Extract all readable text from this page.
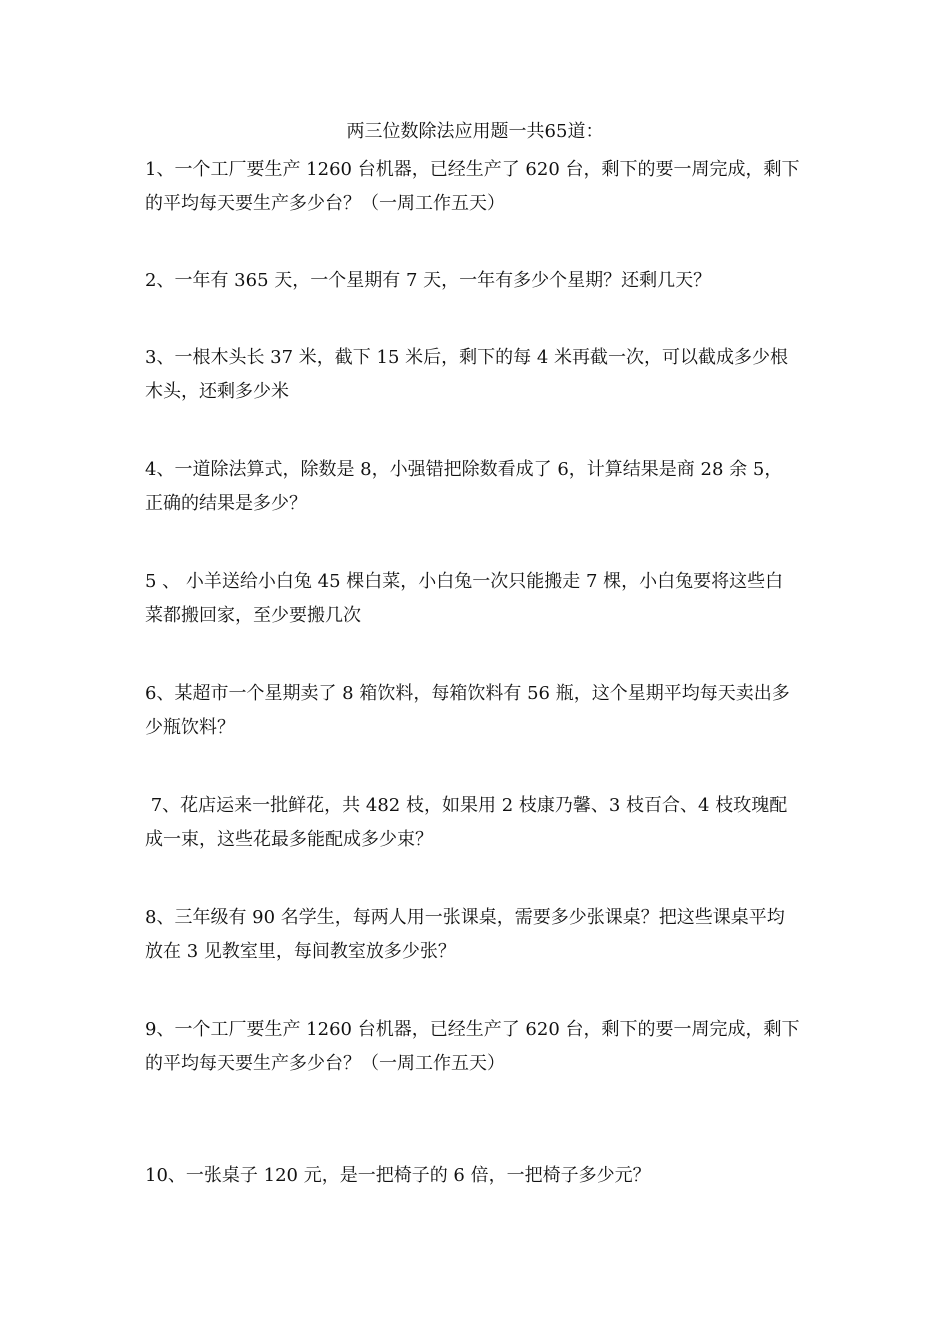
两三位数除法应用题一共65道：

1、一个工厂要生产 1260 台机器，已经生产了 620 台，剩下的要一周完成，剩下
的平均每天要生产多少台？（一周工作五天）

2、一年有 365 天，一个星期有 7 天，一年有多少个星期？还剩几天？

3、一根木头长 37 米，截下 15 米后，剩下的每 4 米再截一次，可以截成多少根
木头，还剩多少米

4、一道除法算式，除数是 8，小强错把除数看成了 6，计算结果是商 28 余 5，
正确的结果是多少？

5 、 小羊送给小白兔 45 棵白菜，小白兔一次只能搬走 7 棵，小白兔要将这些白
菜都搬回家，至少要搬几次

6、某超市一个星期卖了 8 箱饮料，每箱饮料有 56 瓶，这个星期平均每天卖出多
少瓶饮料？

7、花店运来一批鲜花，共 482 枝，如果用 2 枝康乃馨、3 枝百合、4 枝玫瑰配
成一束，这些花最多能配成多少束？

8、三年级有 90 名学生，每两人用一张课桌，需要多少张课桌？把这些课桌平均
放在 3 见教室里，每间教室放多少张？

9、一个工厂要生产 1260 台机器，已经生产了 620 台，剩下的要一周完成，剩下
的平均每天要生产多少台？（一周工作五天）

10、一张桌子 120 元，是一把椅子的 6 倍，一把椅子多少元？
